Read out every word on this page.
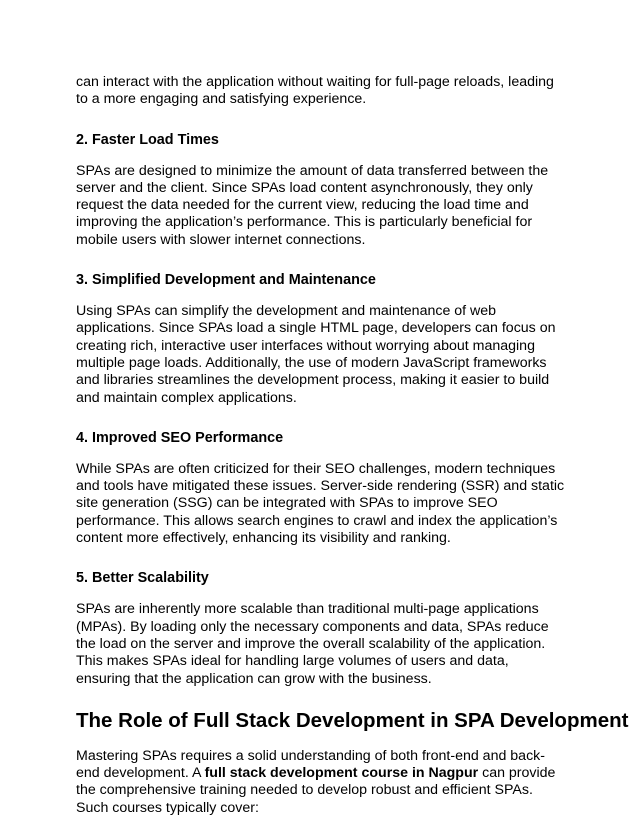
can interact with the application without waiting for full-page reloads, leading to a more engaging and satisfying experience.

2. Faster Load Times

SPAs are designed to minimize the amount of data transferred between the server and the client. Since SPAs load content asynchronously, they only request the data needed for the current view, reducing the load time and improving the application’s performance. This is particularly beneficial for mobile users with slower internet connections.

3. Simplified Development and Maintenance

Using SPAs can simplify the development and maintenance of web applications. Since SPAs load a single HTML page, developers can focus on creating rich, interactive user interfaces without worrying about managing multiple page loads. Additionally, the use of modern JavaScript frameworks and libraries streamlines the development process, making it easier to build and maintain complex applications.

4. Improved SEO Performance

While SPAs are often criticized for their SEO challenges, modern techniques and tools have mitigated these issues. Server-side rendering (SSR) and static site generation (SSG) can be integrated with SPAs to improve SEO performance. This allows search engines to crawl and index the application’s content more effectively, enhancing its visibility and ranking.

5. Better Scalability

SPAs are inherently more scalable than traditional multi-page applications (MPAs). By loading only the necessary components and data, SPAs reduce the load on the server and improve the overall scalability of the application. This makes SPAs ideal for handling large volumes of users and data, ensuring that the application can grow with the business.

The Role of Full Stack Development in SPA Development

Mastering SPAs requires a solid understanding of both front-end and back-end development. A full stack development course in Nagpur can provide the comprehensive training needed to develop robust and efficient SPAs. Such courses typically cover:
